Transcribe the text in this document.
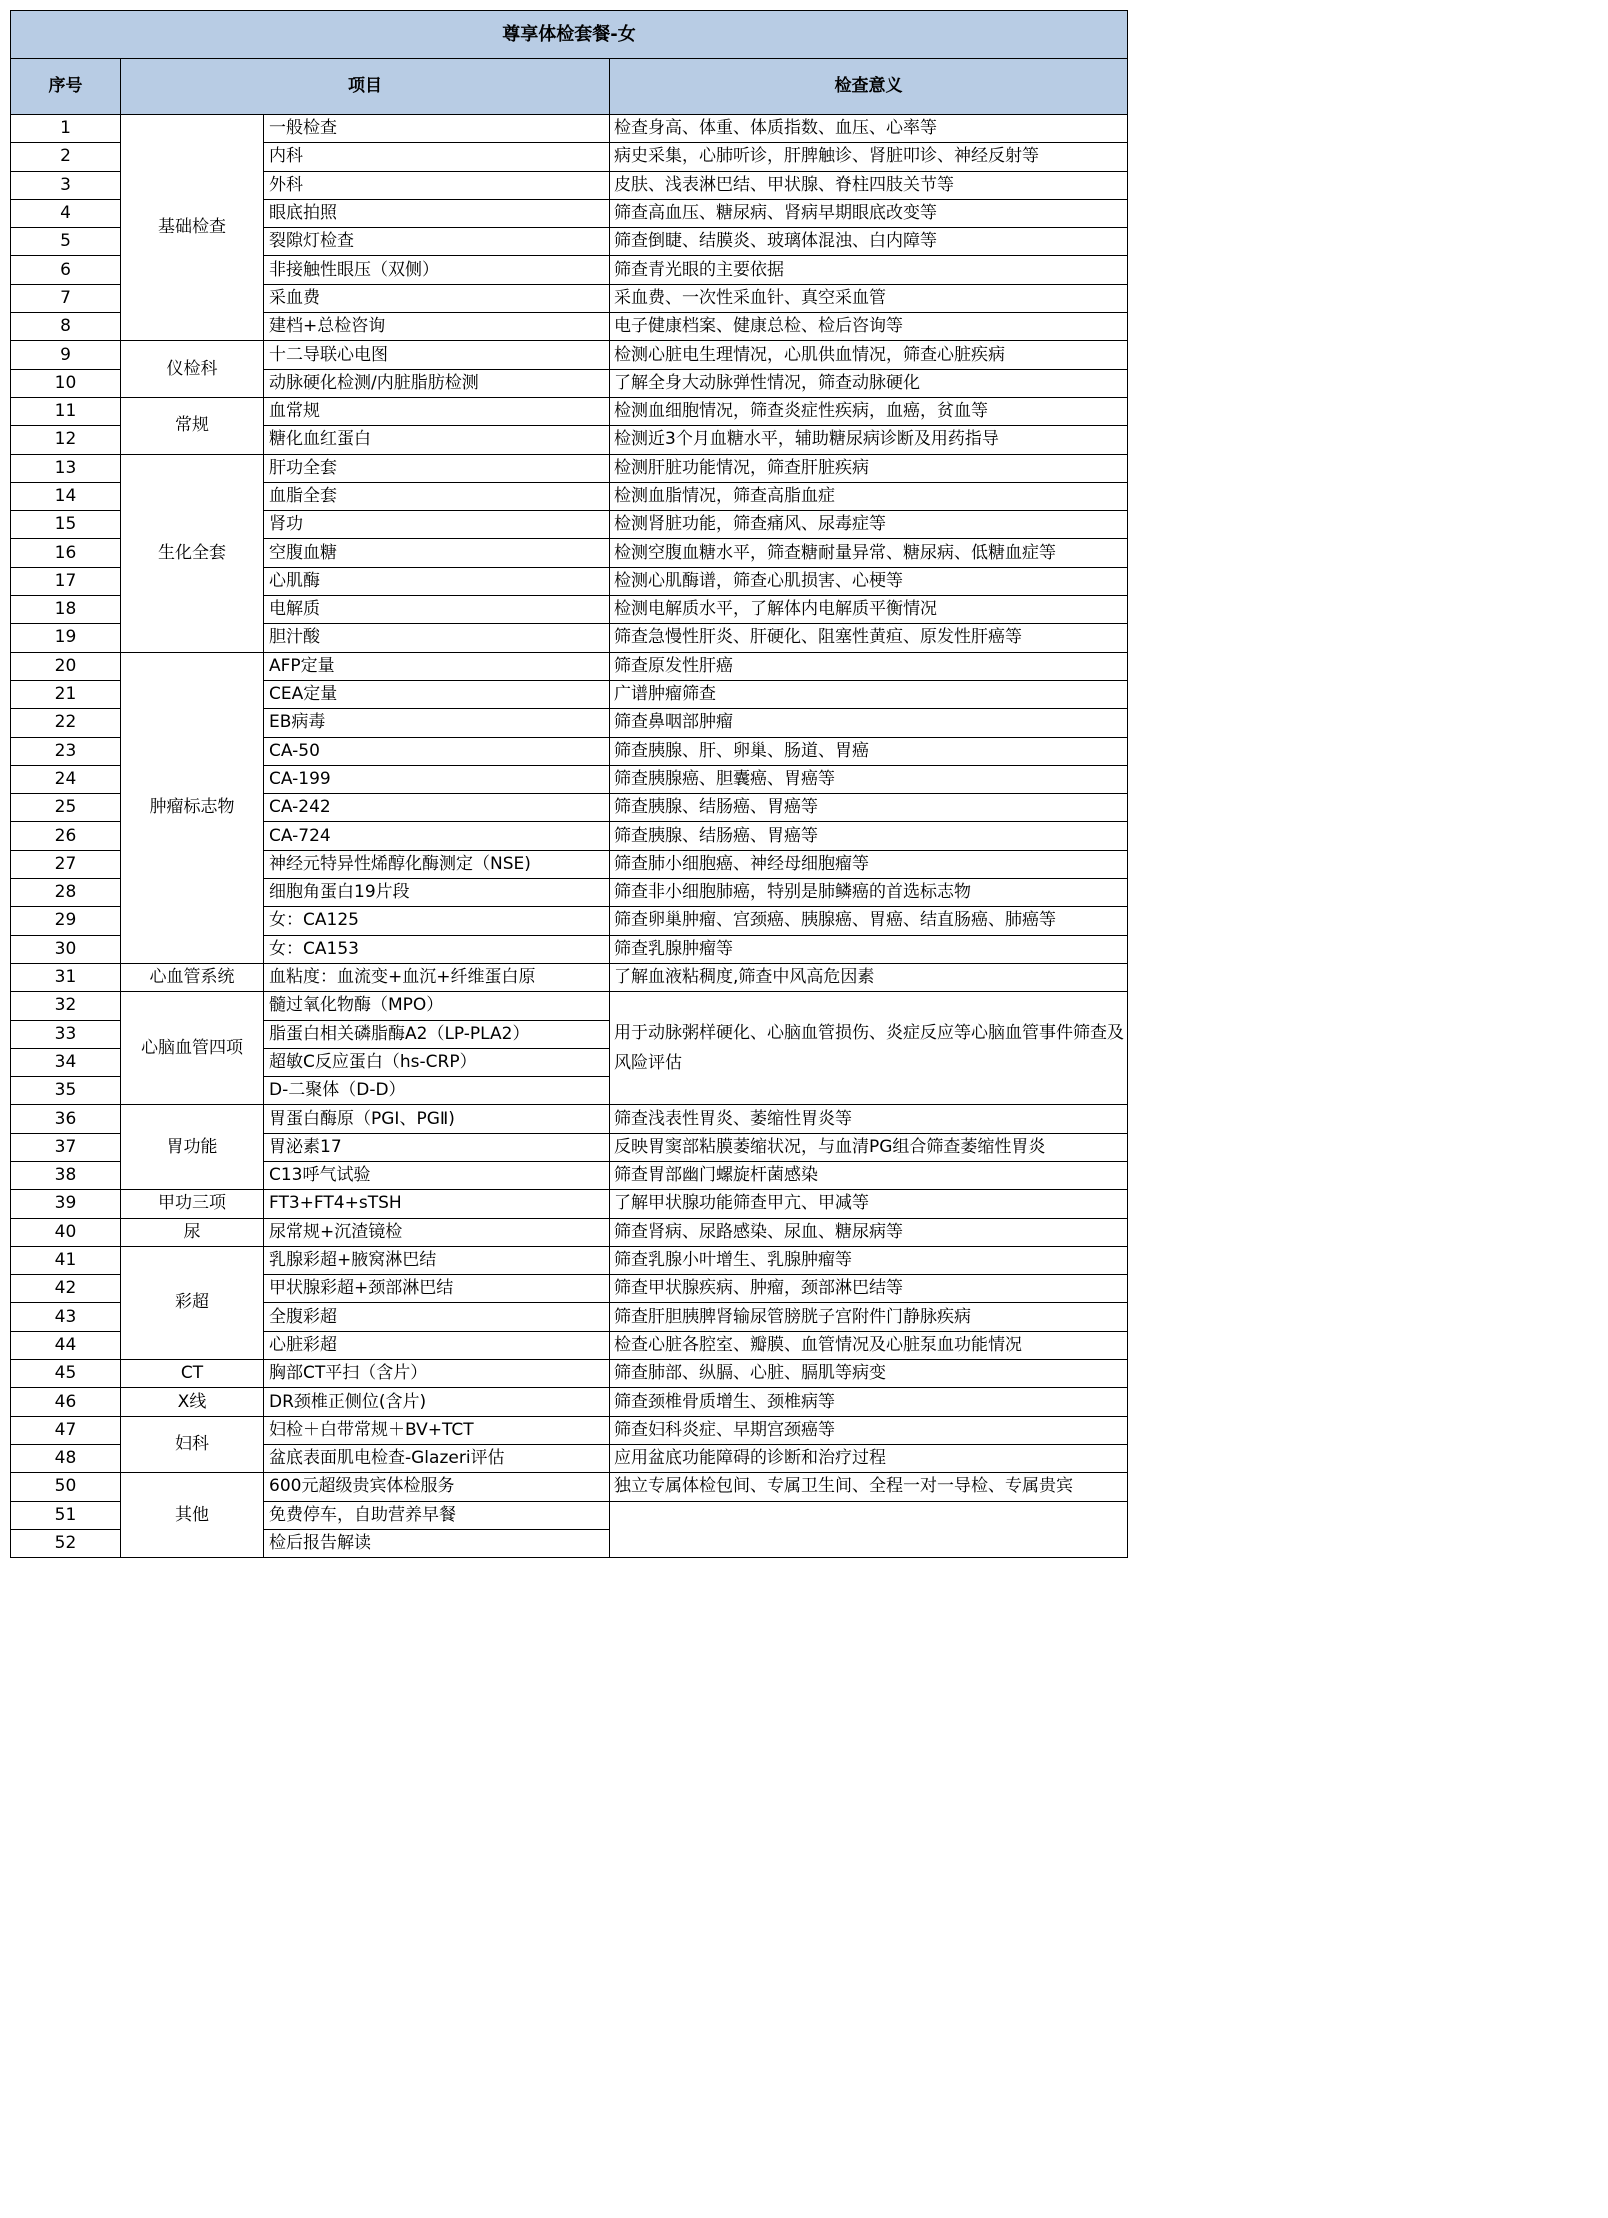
尊享体检套餐-女			
序号	项目		检查意义
1	基础检查	一般检查	检查身高、体重、体质指数、血压、心率等
2		内科	病史采集，心肺听诊，肝脾触诊、肾脏叩诊、神经反射等
3		外科	皮肤、浅表淋巴结、甲状腺、脊柱四肢关节等
4		眼底拍照	筛查高血压、糖尿病、肾病早期眼底改变等
5		裂隙灯检查	筛查倒睫、结膜炎、玻璃体混浊、白内障等
6		非接触性眼压（双侧）	筛查青光眼的主要依据
7		采血费	采血费、一次性采血针、真空采血管
8		建档+总检咨询	电子健康档案、健康总检、检后咨询等
9	仪检科	十二导联心电图	检测心脏电生理情况，心肌供血情况，筛查心脏疾病
10		动脉硬化检测/内脏脂肪检测	了解全身大动脉弹性情况，筛查动脉硬化
11	常规	血常规	检测血细胞情况，筛查炎症性疾病，血癌，贫血等
12		糖化血红蛋白	检测近3个月血糖水平，辅助糖尿病诊断及用药指导
13	生化全套	肝功全套	检测肝脏功能情况，筛查肝脏疾病
14		血脂全套	检测血脂情况，筛查高脂血症
15		肾功	检测肾脏功能，筛查痛风、尿毒症等
16		空腹血糖	检测空腹血糖水平，筛查糖耐量异常、糖尿病、低糖血症等
17		心肌酶	检测心肌酶谱，筛查心肌损害、心梗等
18		电解质	检测电解质水平，了解体内电解质平衡情况
19		胆汁酸	筛查急慢性肝炎、肝硬化、阻塞性黄疸、原发性肝癌等
20	肿瘤标志物	AFP定量	筛查原发性肝癌
21		CEA定量	广谱肿瘤筛查
22		EB病毒	筛查鼻咽部肿瘤
23		CA-50	筛查胰腺、肝、卵巢、肠道、胃癌
24		CA-199	筛查胰腺癌、胆囊癌、胃癌等
25		CA-242	筛查胰腺、结肠癌、胃癌等
26		CA-724	筛查胰腺、结肠癌、胃癌等
27		神经元特异性烯醇化酶测定（NSE)	筛查肺小细胞癌、神经母细胞瘤等
28		细胞角蛋白19片段	筛查非小细胞肺癌，特别是肺鳞癌的首选标志物
29		女：CA125	筛查卵巢肿瘤、宫颈癌、胰腺癌、胃癌、结直肠癌、肺癌等
30		女：CA153	筛查乳腺肿瘤等
31	心血管系统	血粘度：血流变+血沉+纤维蛋白原	了解血液粘稠度,筛查中风高危因素
32	心脑血管四项	髓过氧化物酶（MPO）	用于动脉粥样硬化、心脑血管损伤、炎症反应等心脑血管事件筛查及风险评估
33		脂蛋白相关磷脂酶A2（LP-PLA2）	
34		超敏C反应蛋白（hs-CRP）	
35		D-二聚体（D-D）	
36	胃功能	胃蛋白酶原（PGⅠ、PGⅡ)	筛查浅表性胃炎、萎缩性胃炎等
37		胃泌素17	反映胃窦部粘膜萎缩状况，与血清PG组合筛查萎缩性胃炎
38		C13呼气试验	筛查胃部幽门螺旋杆菌感染
39	甲功三项	FT3+FT4+sTSH	了解甲状腺功能筛查甲亢、甲减等
40	尿	尿常规+沉渣镜检	筛查肾病、尿路感染、尿血、糖尿病等
41	彩超	乳腺彩超+腋窝淋巴结	筛查乳腺小叶增生、乳腺肿瘤等
42		甲状腺彩超+颈部淋巴结	筛查甲状腺疾病、肿瘤，颈部淋巴结等
43		全腹彩超	筛查肝胆胰脾肾输尿管膀胱子宫附件门静脉疾病
44		心脏彩超	检查心脏各腔室、瓣膜、血管情况及心脏泵血功能情况
45	CT	胸部CT平扫（含片）	筛查肺部、纵膈、心脏、膈肌等病变
46	X线	DR颈椎正侧位(含片)	筛查颈椎骨质增生、颈椎病等
47	妇科	妇检＋白带常规＋BV+TCT	筛查妇科炎症、早期宫颈癌等
48		盆底表面肌电检查-Glazeri评估	应用盆底功能障碍的诊断和治疗过程
50	其他	600元超级贵宾体检服务	独立专属体检包间、专属卫生间、全程一对一导检、专属贵宾
51		免费停车，自助营养早餐	
52		检后报告解读	
